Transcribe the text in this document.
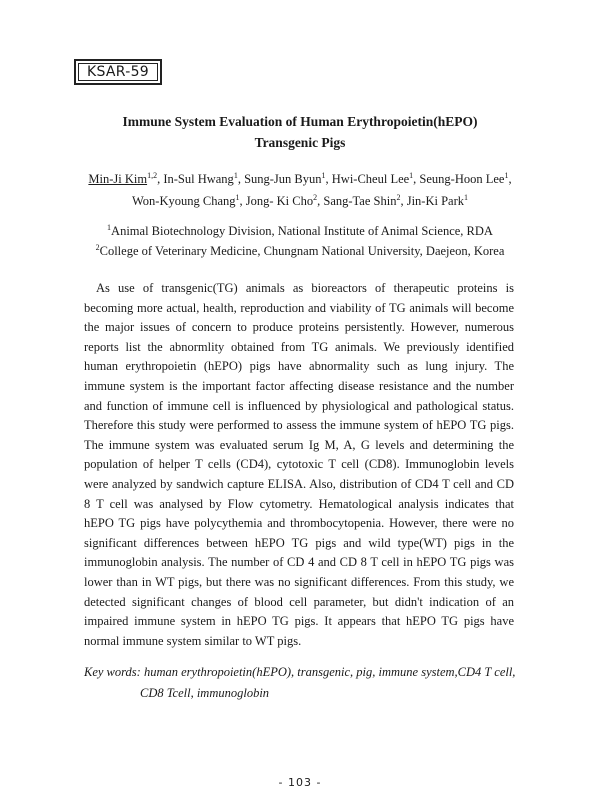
KSAR-59
Immune System Evaluation of Human Erythropoietin(hEPO)
Transgenic Pigs
Min-Ji Kim$^{1,2}$, In-Sul Hwang$^1$, Sung-Jun Byun$^1$, Hwi-Cheul Lee$^1$, Seung-Hoon Lee$^1$,
Won-Kyoung Chang$^1$, Jong- Ki Cho$^2$, Sang-Tae Shin$^2$, Jin-Ki Park$^1$
$^1$Animal Biotechnology Division, National Institute of Animal Science, RDA
$^2$College of Veterinary Medicine, Chungnam National University, Daejeon, Korea

As use of transgenic(TG) animals as bioreactors of therapeutic proteins is becoming more actual, health, reproduction and viability of TG animals will become the major issues of concern to produce proteins persistently. However, numerous reports list the abnormlity obtained from TG animals. We previously identified human erythropoietin (hEPO) pigs have abnormality such as lung injury. The immune system is the important factor affecting disease resistance and the number and function of immune cell is influenced by physiological and pathological status. Therefore this study were performed to assess the immune system of hEPO TG pigs. The immune system was evaluated serum Ig M, A, G levels and determining the population of helper T cells (CD4), cytotoxic T cell (CD8). Immunoglobin levels were analyzed by sandwich capture ELISA. Also, distribution of CD4 T cell and CD 8 T cell was analysed by Flow cytometry. Hematological analysis indicates that hEPO TG pigs have polycythemia and thrombocytopenia. However, there were no significant differences between hEPO TG pigs and wild type(WT) pigs in the immunoglobin analysis. The number of CD 4 and CD 8 T cell in hEPO TG pigs was lower than in WT pigs, but there was no significant differences. From this study, we detected significant changes of blood cell parameter, but didn't indication of an impaired immune system in hEPO TG pigs. It appears that hEPO TG pigs have normal immune system similar to WT pigs.

Key words: human erythropoietin(hEPO), transgenic, pig, immune system,CD4 T cell,
CD8 Tcell, immunoglobin
- 103 -
